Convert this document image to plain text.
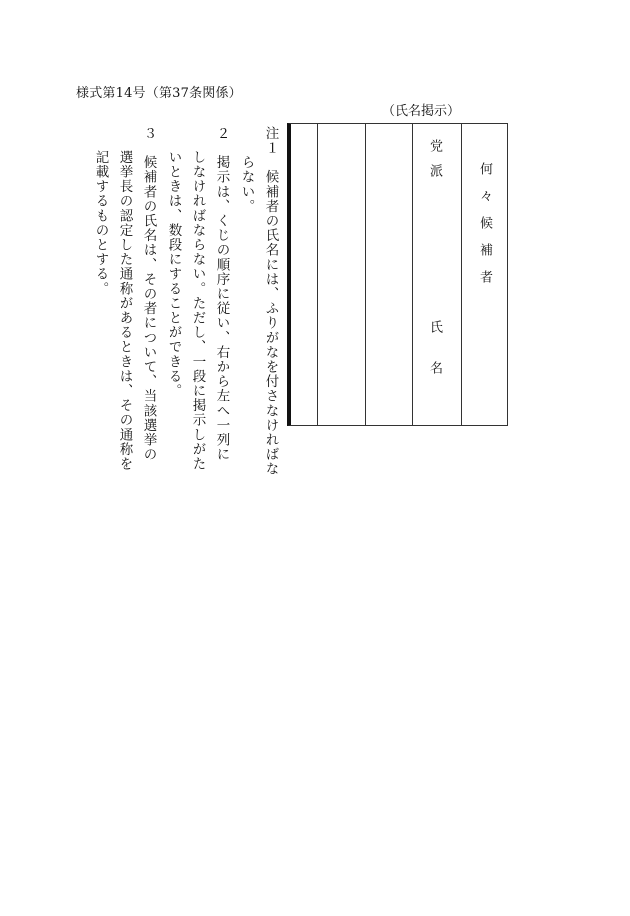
様式第14号（第37条関係）
（氏名掲示）
党派
氏名
何々候補者
注１　候補者の氏名には、ふりがなを付さなければな
　　らない。
２　掲示は、くじの順序に従い、右から左へ一列に
しなければならない。ただし、一段に掲示しがた
いときは、数段にすることができる。
３　候補者の氏名は、その者について、当該選挙の
選挙長の認定した通称があるときは、その通称を
記載するものとする。
